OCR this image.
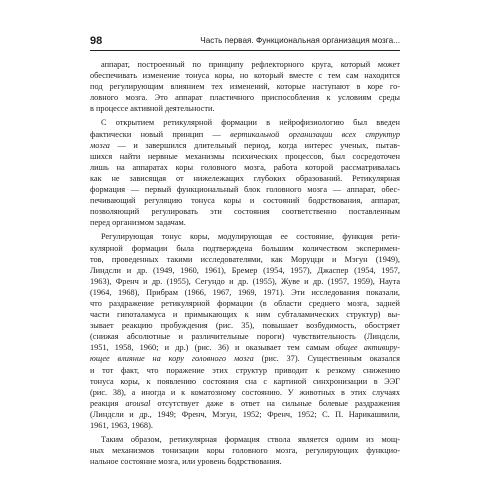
98	Часть первая. Функциональная организация мозга...
аппарат, построенный по принципу рефлекторного круга, который может
обеспечивать изменение тонуса коры, но который вместе с тем сам находится
под регулирующим влиянием тех изменений, которые наступают в коре го-
ловного мозга. Это аппарат пластичного приспособления к условиям среды
в процессе активной деятельности.
С открытием ретикулярной формации в нейрофизиологию был введен
фактически новый принцип — вертикальной организации всех структур
мозга — и завершился длительный период, когда интерес ученых, пытав-
шихся найти нервные механизмы психических процессов, был сосредоточен
лишь на аппаратах коры головного мозга, работа которой рассматривалась
как не зависящая от нижележащих глубоких образований. Ретикулярная
формация — первый функциональный блок головного мозга — аппарат, обес-
печивающий регуляцию тонуса коры и состояний бодрствования, аппарат,
позволяющий регулировать эти состояния соответственно поставленным
перед организмом задачам.
Регулирующая тонус коры, модулирующая ее состояние, функция рети-
кулярной формации была подтверждена большим количеством эксперимен-
тов, проведенных такими исследователями, как Моруцци и Мэгун (1949),
Линдсли и др. (1949, 1960, 1961), Бремер (1954, 1957), Джаспер (1954, 1957,
1963), Френч и др. (1955), Сегундо и др. (1955), Жуве и др. (1957, 1959), Наута
(1964, 1968), Прибрам (1966, 1967, 1969, 1971). Эти исследования показали,
что раздражение ретикулярной формации (в области среднего мозга, задней
части гипоталамуса и примыкающих к ним субталамических структур) вы-
зывает реакцию пробуждения (рис. 35), повышает возбудимость, обостряет
(снижая абсолютные и различительные пороги) чувствительность (Линдсли,
1951, 1958, 1960; и др.) (рис. 36) и оказывает тем самым общее активиру-
ющее влияние на кору головного мозга (рис. 37). Существенным оказался
и тот факт, что поражение этих структур приводит к резкому снижению
тонуса коры, к появлению состояния сна с картиной синхронизации в ЭЭГ
(рис. 38), а иногда и к коматозному состоянию. У животных в этих случаях
реакция arousal отсутствует даже в ответ на сильные болевые раздражения
(Линдсли и др., 1949; Френч, Мэгун, 1952; Френч, 1952; С. П. Нарикашвили,
1961, 1963, 1968).
Таким образом, ретикулярная формация ствола является одним из мощ-
ных механизмов тонизации коры головного мозга, регулирующих функцио-
нальное состояние мозга, или уровень бодрствования.
